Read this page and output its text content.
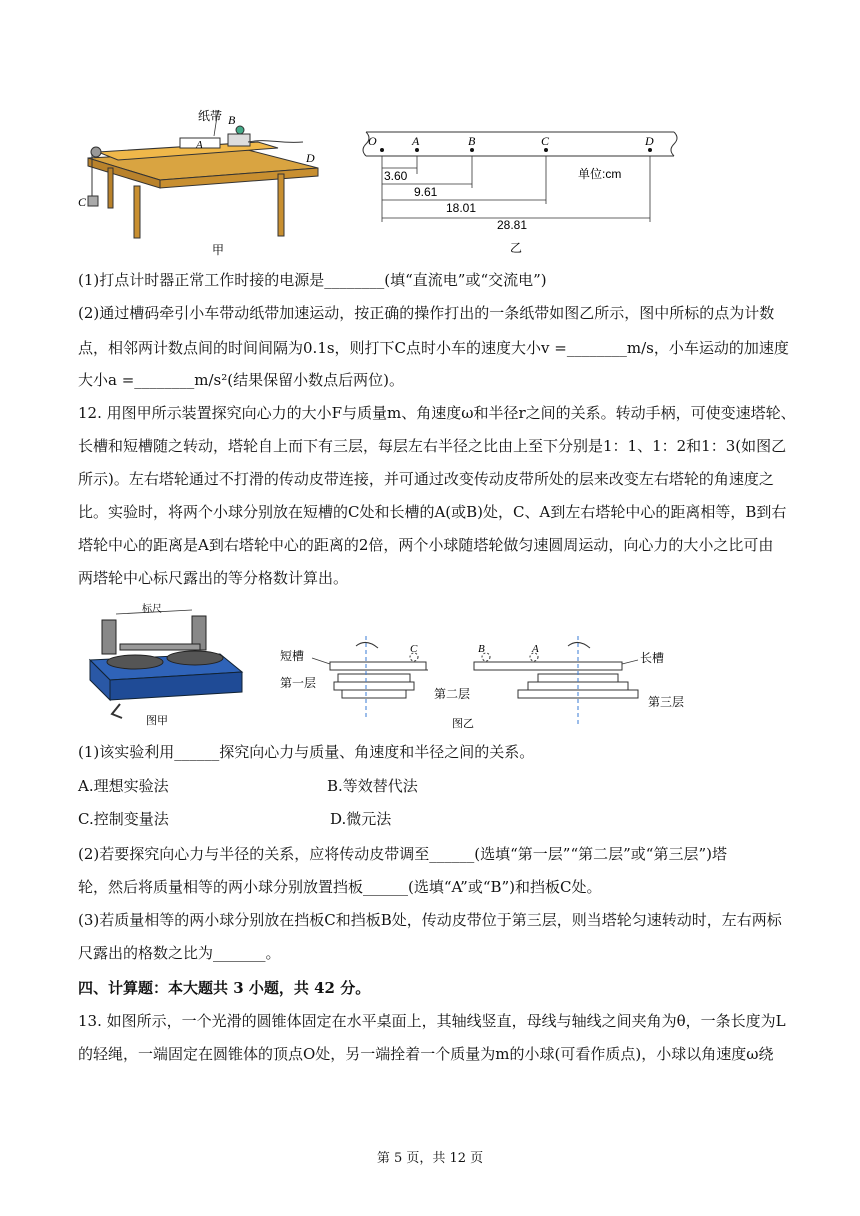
纸带 B
A
C
D
甲
O	A	B	C	D
3.60
9.61
18.01
28.81
单位:cm
乙
(1)打点计时器正常工作时接的电源是________(填“直流电”或“交流电”)
(2)通过槽码牵引小车带动纸带加速运动，按正确的操作打出的一条纸带如图乙所示，图中所标的点为计数
点，相邻两计数点间的时间间隔为0.1s，则打下C点时小车的速度大小v =________m/s，小车运动的加速度
大小a =________m/s²(结果保留小数点后两位)。
12. 用图甲所示装置探究向心力的大小F与质量m、角速度ω和半径r之间的关系。转动手柄，可使变速塔轮、
长槽和短槽随之转动，塔轮自上而下有三层，每层左右半径之比由上至下分别是1：1、1：2和1：3(如图乙
所示)。左右塔轮通过不打滑的传动皮带连接，并可通过改变传动皮带所处的层来改变左右塔轮的角速度之
比。实验时，将两个小球分别放在短槽的C处和长槽的A(或B)处，C、A到左右塔轮中心的距离相等，B到右
塔轮中心的距离是A到右塔轮中心的距离的2倍，两个小球随塔轮做匀速圆周运动，向心力的大小之比可由
两塔轮中心标尺露出的等分格数计算出。
标尺
图甲
短槽
第一层
C
第二层
图乙
B	A
长槽
第三层
(1)该实验利用______探究向心力与质量、角速度和半径之间的关系。
A.理想实验法	B.等效替代法
C.控制变量法	D.微元法
(2)若要探究向心力与半径的关系，应将传动皮带调至______(选填“第一层”“第二层”或“第三层”)塔
轮，然后将质量相等的两小球分别放置挡板______(选填“A”或“B”)和挡板C处。
(3)若质量相等的两小球分别放在挡板C和挡板B处，传动皮带位于第三层，则当塔轮匀速转动时，左右两标
尺露出的格数之比为_______。
四、计算题：本大题共 3 小题，共 42 分。
13. 如图所示，一个光滑的圆锥体固定在水平桌面上，其轴线竖直，母线与轴线之间夹角为θ，一条长度为L
的轻绳，一端固定在圆锥体的顶点O处，另一端拴着一个质量为m的小球(可看作质点)，小球以角速度ω绕
第 5 页，共 12 页
